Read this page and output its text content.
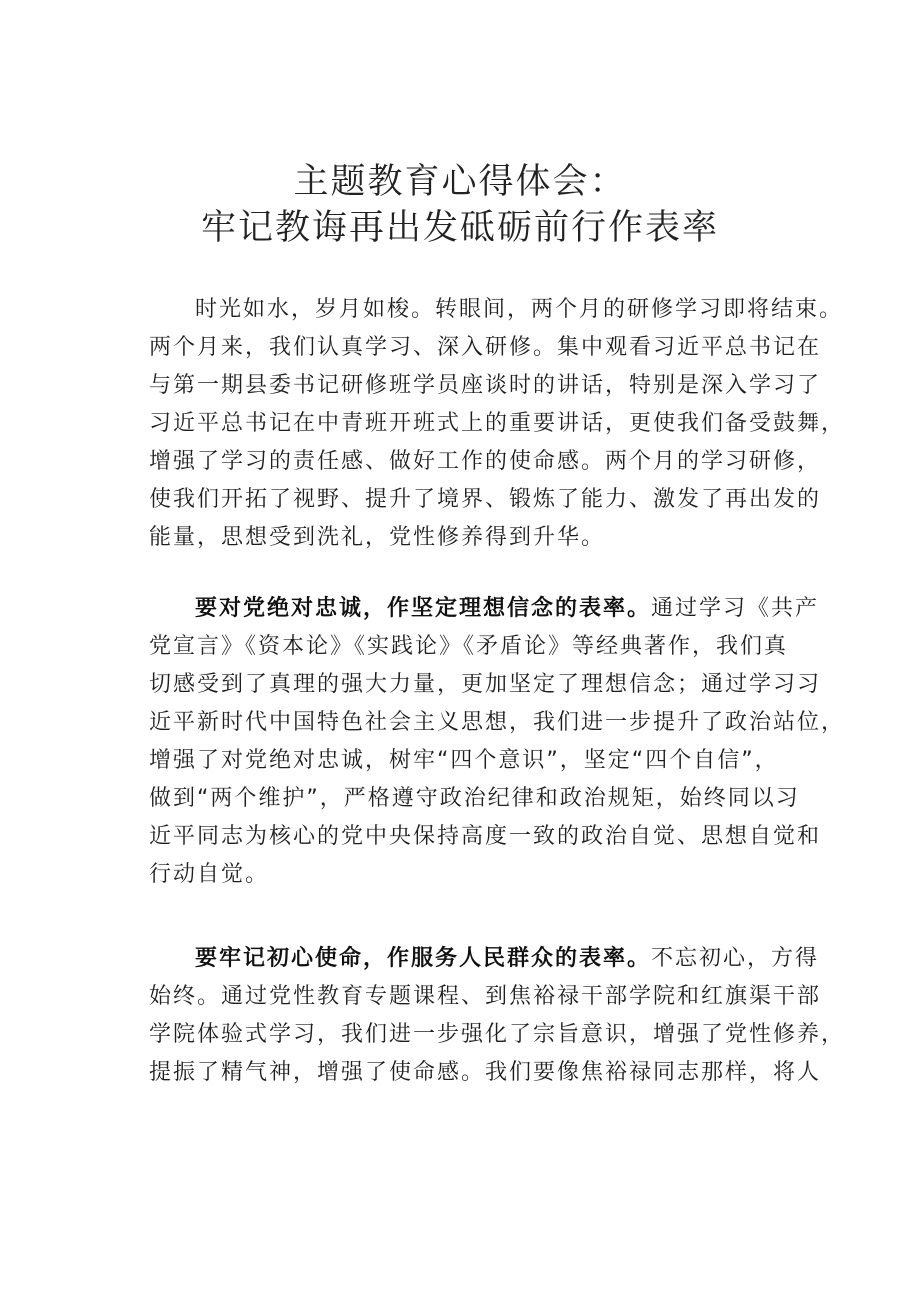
主题教育心得体会：
牢记教诲再出发砥砺前行作表率
时光如水，岁月如梭。转眼间，两个月的研修学习即将结束。
两个月来，我们认真学习、深入研修。集中观看习近平总书记在
与第一期县委书记研修班学员座谈时的讲话，特别是深入学习了
习近平总书记在中青班开班式上的重要讲话，更使我们备受鼓舞，
增强了学习的责任感、做好工作的使命感。两个月的学习研修，
使我们开拓了视野、提升了境界、锻炼了能力、激发了再出发的
能量，思想受到洗礼，党性修养得到升华。
要对党绝对忠诚，作坚定理想信念的表率。通过学习《共产
党宣言》《资本论》《实践论》《矛盾论》等经典著作，我们真
切感受到了真理的强大力量，更加坚定了理想信念；通过学习习
近平新时代中国特色社会主义思想，我们进一步提升了政治站位，
增强了对党绝对忠诚，树牢“四个意识”，坚定“四个自信”，
做到“两个维护”，严格遵守政治纪律和政治规矩，始终同以习
近平同志为核心的党中央保持高度一致的政治自觉、思想自觉和
行动自觉。
要牢记初心使命，作服务人民群众的表率。不忘初心，方得
始终。通过党性教育专题课程、到焦裕禄干部学院和红旗渠干部
学院体验式学习，我们进一步强化了宗旨意识，增强了党性修养，
提振了精气神，增强了使命感。我们要像焦裕禄同志那样，将人
